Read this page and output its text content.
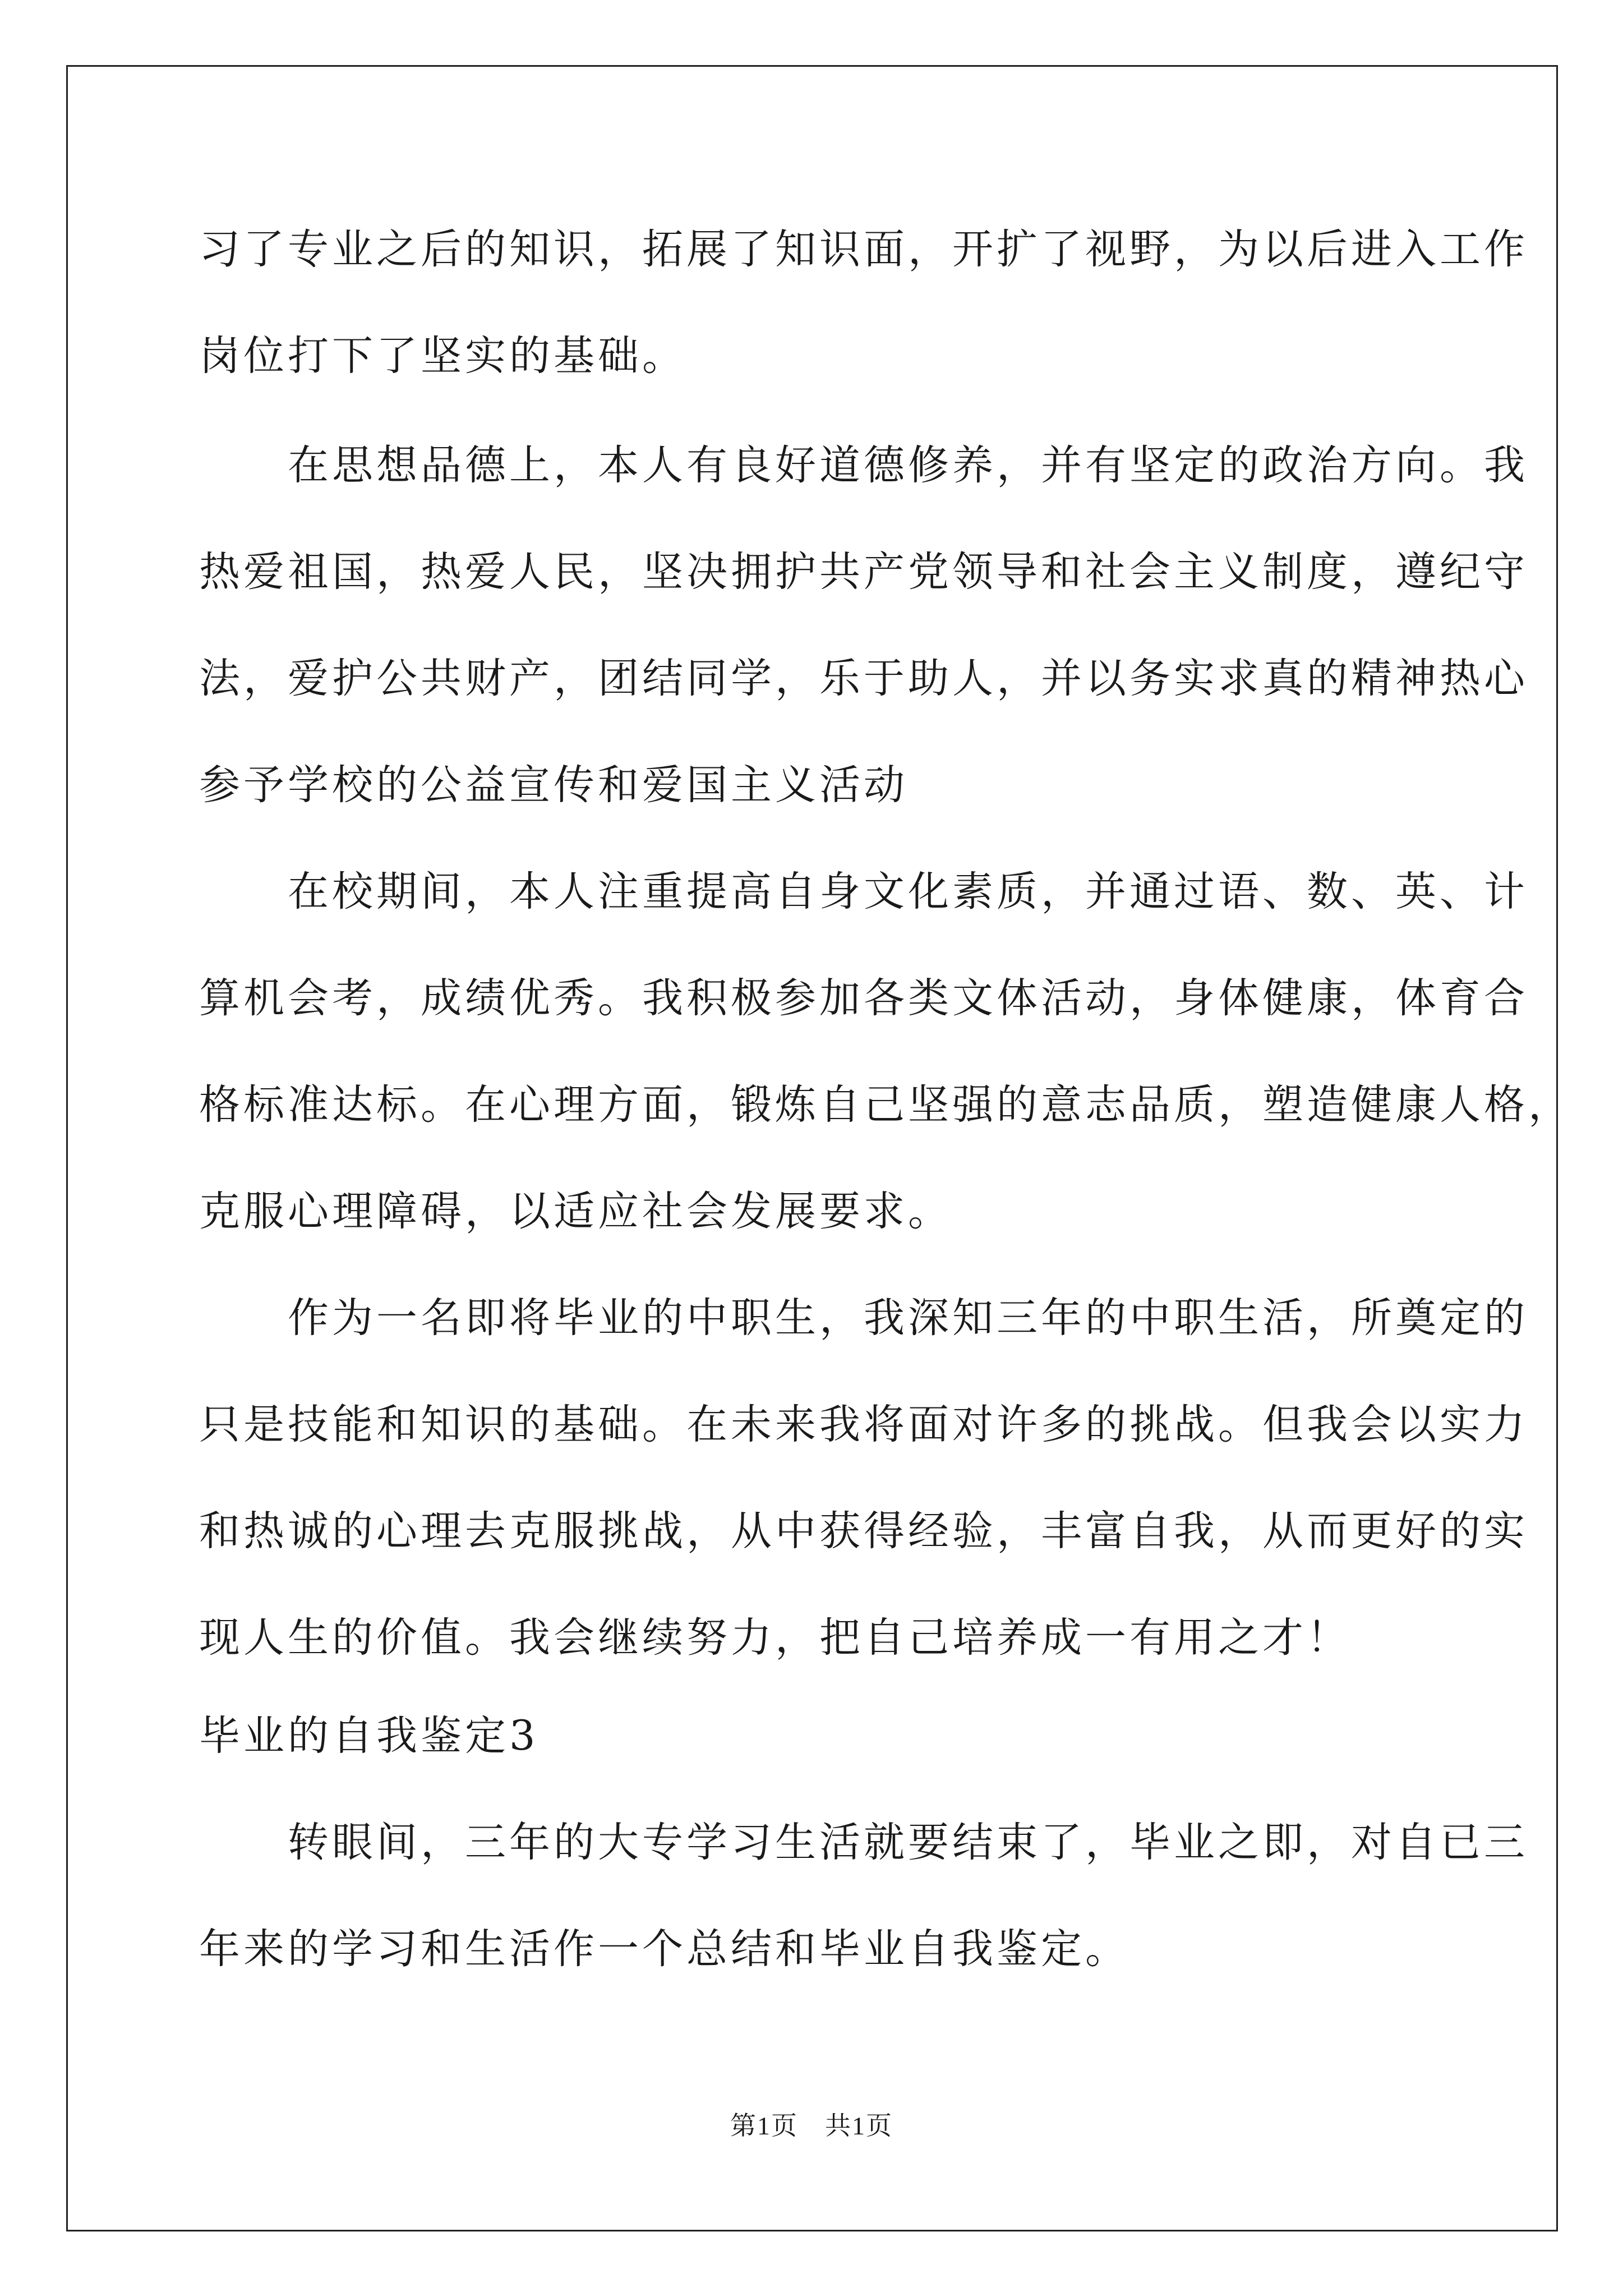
习了专业之后的知识，拓展了知识面，开扩了视野，为以后进入工作
岗位打下了坚实的基础。
　　在思想品德上，本人有良好道德修养，并有坚定的政治方向。我
热爱祖国，热爱人民，坚决拥护共产党领导和社会主义制度，遵纪守
法，爱护公共财产，团结同学，乐于助人，并以务实求真的精神热心
参予学校的公益宣传和爱国主义活动
　　在校期间，本人注重提高自身文化素质，并通过语、数、英、计
算机会考，成绩优秀。我积极参加各类文体活动，身体健康，体育合
格标准达标。在心理方面，锻炼自己坚强的意志品质，塑造健康人格，
克服心理障碍，以适应社会发展要求。
　　作为一名即将毕业的中职生，我深知三年的中职生活，所奠定的
只是技能和知识的基础。在未来我将面对许多的挑战。但我会以实力
和热诚的心理去克服挑战，从中获得经验，丰富自我，从而更好的实
现人生的价值。我会继续努力，把自己培养成一有用之才！
毕业的自我鉴定3
　　转眼间，三年的大专学习生活就要结束了，毕业之即，对自已三
年来的学习和生活作一个总结和毕业自我鉴定。
第1页　共1页
